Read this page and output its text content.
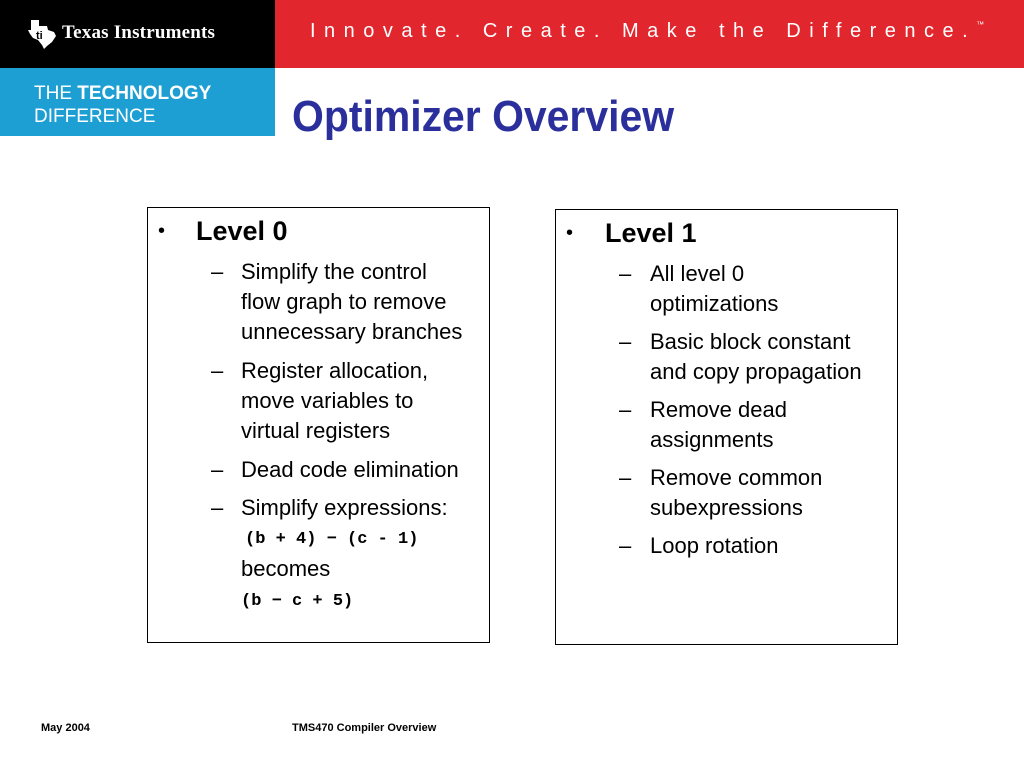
ti Texas Instruments	Innovate. Create. Make the Difference.™
THE TECHNOLOGY
DIFFERENCE	Optimizer Overview
• Level 0
– Simplify the control
flow graph to remove
unnecessary branches
– Register allocation,
move variables to
virtual registers
– Dead code elimination
– Simplify expressions:
(b + 4) − (c - 1)
becomes
(b − c + 5)
• Level 1
– All level 0
optimizations
– Basic block constant
and copy propagation
– Remove dead
assignments
– Remove common
subexpressions
– Loop rotation
May 2004	TMS470 Compiler Overview
